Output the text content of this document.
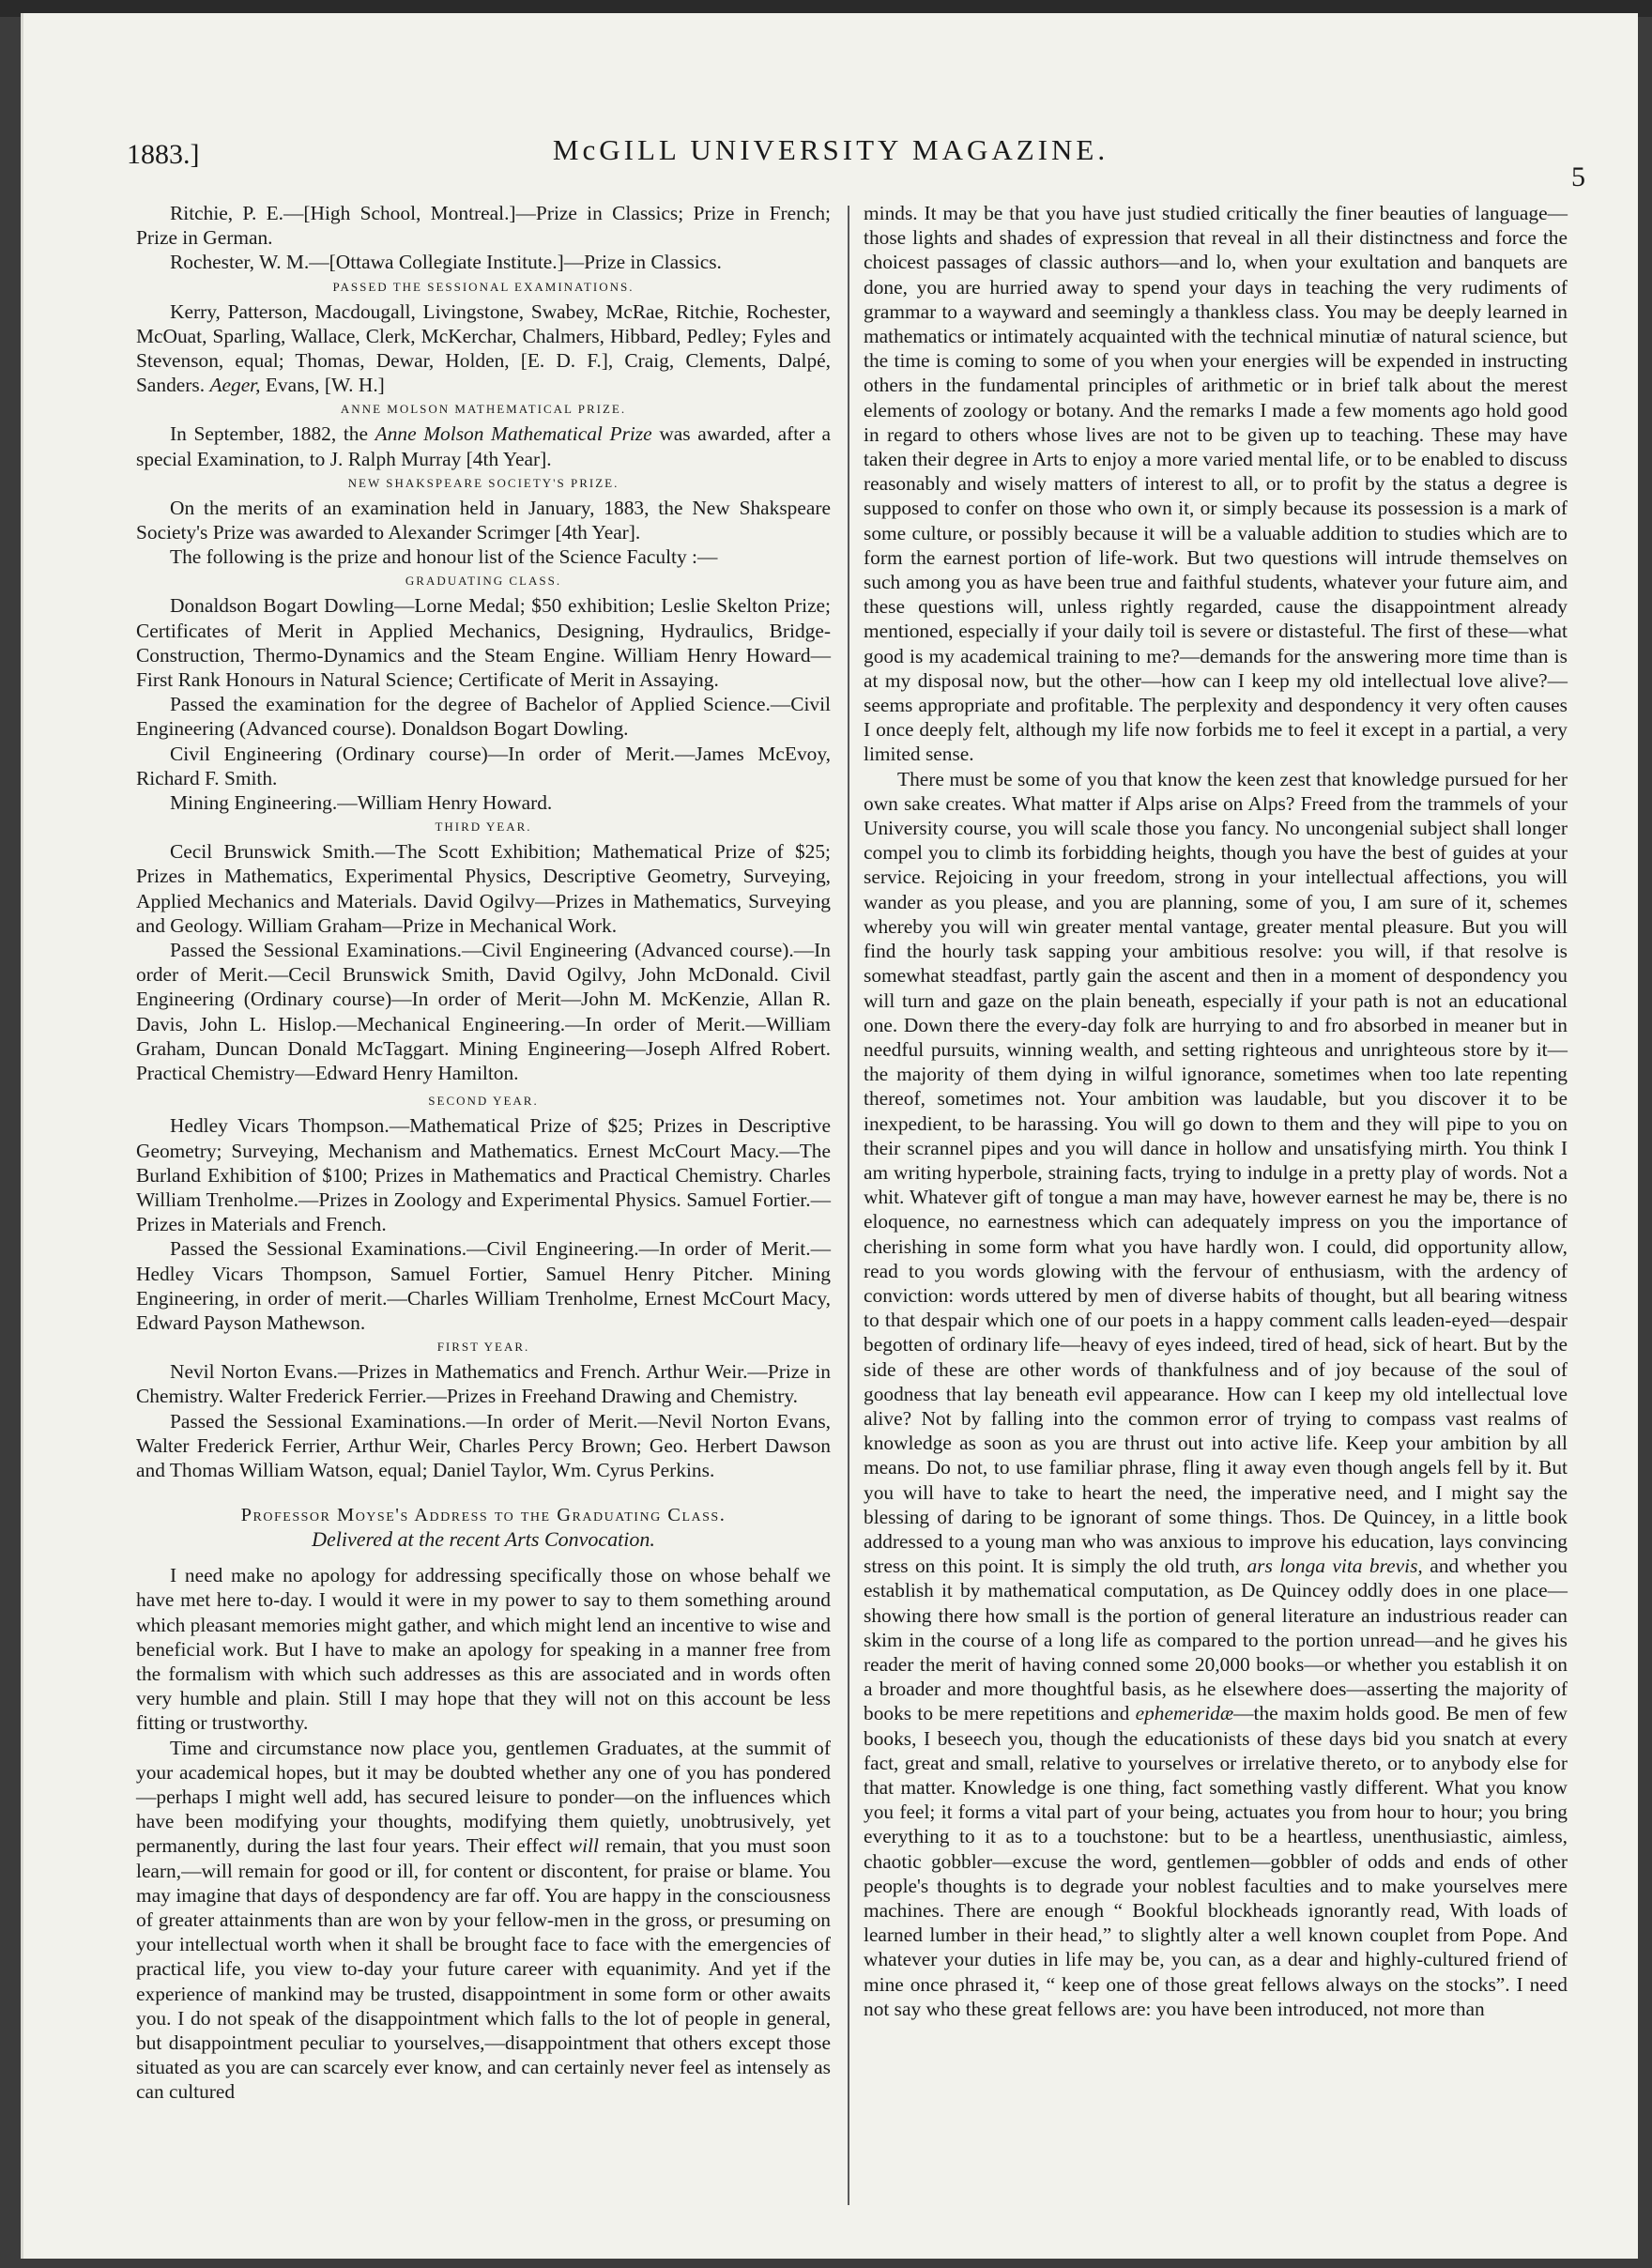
1883.]	McGILL UNIVERSITY MAGAZINE.
5

Ritchie, P. E.—[High School, Montreal.]—Prize in Classics; Prize in French; Prize in German.

Rochester, W. M.—[Ottawa Collegiate Institute.]—Prize in Classics.

PASSED THE SESSIONAL EXAMINATIONS.

Kerry, Patterson, Macdougall, Livingstone, Swabey, McRae, Ritchie, Rochester, McOuat, Sparling, Wallace, Clerk, McKerchar, Chalmers, Hibbard, Pedley; Fyles and Stevenson, equal; Thomas, Dewar, Holden, [E. D. F.], Craig, Clements, Dalpé, Sanders. Aeger, Evans, [W. H.]

ANNE MOLSON MATHEMATICAL PRIZE.

In September, 1882, the Anne Molson Mathematical Prize was awarded, after a special Examination, to J. Ralph Murray [4th Year].

NEW SHAKSPEARE SOCIETY'S PRIZE.

On the merits of an examination held in January, 1883, the New Shakspeare Society's Prize was awarded to Alexander Scrimger [4th Year].

The following is the prize and honour list of the Science Faculty :—

GRADUATING CLASS.

Donaldson Bogart Dowling—Lorne Medal; $50 exhibition; Leslie Skelton Prize; Certificates of Merit in Applied Mechanics, Designing, Hydraulics, Bridge-Construction, Thermo-Dynamics and the Steam Engine. William Henry Howard—First Rank Honours in Natural Science; Certificate of Merit in Assaying.

Passed the examination for the degree of Bachelor of Applied Science.—Civil Engineering (Advanced course). Donaldson Bogart Dowling.

Civil Engineering (Ordinary course)—In order of Merit.—James McEvoy, Richard F. Smith.

Mining Engineering.—William Henry Howard.

THIRD YEAR.

Cecil Brunswick Smith.—The Scott Exhibition; Mathematical Prize of $25; Prizes in Mathematics, Experimental Physics, Descriptive Geometry, Surveying, Applied Mechanics and Materials. David Ogilvy—Prizes in Mathematics, Surveying and Geology. William Graham—Prize in Mechanical Work.

Passed the Sessional Examinations.—Civil Engineering (Advanced course).—In order of Merit.—Cecil Brunswick Smith, David Ogilvy, John McDonald. Civil Engineering (Ordinary course)—In order of Merit—John M. McKenzie, Allan R. Davis, John L. Hislop.—Mechanical Engineering.—In order of Merit.—William Graham, Duncan Donald McTaggart. Mining Engineering—Joseph Alfred Robert. Practical Chemistry—Edward Henry Hamilton.

SECOND YEAR.

Hedley Vicars Thompson.—Mathematical Prize of $25; Prizes in Descriptive Geometry; Surveying, Mechanism and Mathematics. Ernest McCourt Macy.—The Burland Exhibition of $100; Prizes in Mathematics and Practical Chemistry. Charles William Trenholme.—Prizes in Zoology and Experimental Physics. Samuel Fortier.—Prizes in Materials and French.

Passed the Sessional Examinations.—Civil Engineering.—In order of Merit.—Hedley Vicars Thompson, Samuel Fortier, Samuel Henry Pitcher. Mining Engineering, in order of merit.—Charles William Trenholme, Ernest McCourt Macy, Edward Payson Mathewson.

FIRST YEAR.

Nevil Norton Evans.—Prizes in Mathematics and French. Arthur Weir.—Prize in Chemistry. Walter Frederick Ferrier.—Prizes in Freehand Drawing and Chemistry.

Passed the Sessional Examinations.—In order of Merit.—Nevil Norton Evans, Walter Frederick Ferrier, Arthur Weir, Charles Percy Brown; Geo. Herbert Dawson and Thomas William Watson, equal; Daniel Taylor, Wm. Cyrus Perkins.

Professor Moyse's Address to the Graduating Class.
Delivered at the recent Arts Convocation.

I need make no apology for addressing specifically those on whose behalf we have met here to-day. I would it were in my power to say to them something around which pleasant memories might gather, and which might lend an incentive to wise and beneficial work. But I have to make an apology for speaking in a manner free from the formalism with which such addresses as this are associated and in words often very humble and plain. Still I may hope that they will not on this account be less fitting or trustworthy.

Time and circumstance now place you, gentlemen Graduates, at the summit of your academical hopes, but it may be doubted whether any one of you has pondered—perhaps I might well add, has secured leisure to ponder—on the influences which have been modifying your thoughts, modifying them quietly, unobtrusively, yet permanently, during the last four years. Their effect will remain, that you must soon learn,—will remain for good or ill, for content or discontent, for praise or blame. You may imagine that days of despondency are far off. You are happy in the consciousness of greater attainments than are won by your fellow-men in the gross, or presuming on your intellectual worth when it shall be brought face to face with the emergencies of practical life, you view to-day your future career with equanimity. And yet if the experience of mankind may be trusted, disappointment in some form or other awaits you. I do not speak of the disappointment which falls to the lot of people in general, but disappointment peculiar to yourselves,—disappointment that others except those situated as you are can scarcely ever know, and can certainly never feel as intensely as can cultured

minds. It may be that you have just studied critically the finer beauties of language—those lights and shades of expression that reveal in all their distinctness and force the choicest passages of classic authors—and lo, when your exultation and banquets are done, you are hurried away to spend your days in teaching the very rudiments of grammar to a wayward and seemingly a thankless class. You may be deeply learned in mathematics or intimately acquainted with the technical minutiæ of natural science, but the time is coming to some of you when your energies will be expended in instructing others in the fundamental principles of arithmetic or in brief talk about the merest elements of zoology or botany. And the remarks I made a few moments ago hold good in regard to others whose lives are not to be given up to teaching. These may have taken their degree in Arts to enjoy a more varied mental life, or to be enabled to discuss reasonably and wisely matters of interest to all, or to profit by the status a degree is supposed to confer on those who own it, or simply because its possession is a mark of some culture, or possibly because it will be a valuable addition to studies which are to form the earnest portion of life-work. But two questions will intrude themselves on such among you as have been true and faithful students, whatever your future aim, and these questions will, unless rightly regarded, cause the disappointment already mentioned, especially if your daily toil is severe or distasteful. The first of these—what good is my academical training to me?—demands for the answering more time than is at my disposal now, but the other—how can I keep my old intellectual love alive?—seems appropriate and profitable. The perplexity and despondency it very often causes I once deeply felt, although my life now forbids me to feel it except in a partial, a very limited sense.

There must be some of you that know the keen zest that knowledge pursued for her own sake creates. What matter if Alps arise on Alps? Freed from the trammels of your University course, you will scale those you fancy. No uncongenial subject shall longer compel you to climb its forbidding heights, though you have the best of guides at your service. Rejoicing in your freedom, strong in your intellectual affections, you will wander as you please, and you are planning, some of you, I am sure of it, schemes whereby you will win greater mental vantage, greater mental pleasure. But you will find the hourly task sapping your ambitious resolve: you will, if that resolve is somewhat steadfast, partly gain the ascent and then in a moment of despondency you will turn and gaze on the plain beneath, especially if your path is not an educational one. Down there the every-day folk are hurrying to and fro absorbed in meaner but in needful pursuits, winning wealth, and setting righteous and unrighteous store by it—the majority of them dying in wilful ignorance, sometimes when too late repenting thereof, sometimes not. Your ambition was laudable, but you discover it to be inexpedient, to be harassing. You will go down to them and they will pipe to you on their scrannel pipes and you will dance in hollow and unsatisfying mirth. You think I am writing hyperbole, straining facts, trying to indulge in a pretty play of words. Not a whit. Whatever gift of tongue a man may have, however earnest he may be, there is no eloquence, no earnestness which can adequately impress on you the importance of cherishing in some form what you have hardly won. I could, did opportunity allow, read to you words glowing with the fervour of enthusiasm, with the ardency of conviction: words uttered by men of diverse habits of thought, but all bearing witness to that despair which one of our poets in a happy comment calls leaden-eyed—despair begotten of ordinary life—heavy of eyes indeed, tired of head, sick of heart. But by the side of these are other words of thankfulness and of joy because of the soul of goodness that lay beneath evil appearance. How can I keep my old intellectual love alive? Not by falling into the common error of trying to compass vast realms of knowledge as soon as you are thrust out into active life. Keep your ambition by all means. Do not, to use familiar phrase, fling it away even though angels fell by it. But you will have to take to heart the need, the imperative need, and I might say the blessing of daring to be ignorant of some things. Thos. De Quincey, in a little book addressed to a young man who was anxious to improve his education, lays convincing stress on this point. It is simply the old truth, ars longa vita brevis, and whether you establish it by mathematical computation, as De Quincey oddly does in one place—showing there how small is the portion of general literature an industrious reader can skim in the course of a long life as compared to the portion unread—and he gives his reader the merit of having conned some 20,000 books—or whether you establish it on a broader and more thoughtful basis, as he elsewhere does—asserting the majority of books to be mere repetitions and ephemeridæ—the maxim holds good. Be men of few books, I beseech you, though the educationists of these days bid you snatch at every fact, great and small, relative to yourselves or irrelative thereto, or to anybody else for that matter. Knowledge is one thing, fact something vastly different. What you know you feel; it forms a vital part of your being, actuates you from hour to hour; you bring everything to it as to a touchstone: but to be a heartless, unenthusiastic, aimless, chaotic gobbler—excuse the word, gentlemen—gobbler of odds and ends of other people's thoughts is to degrade your noblest faculties and to make yourselves mere machines. There are enough “ Bookful blockheads ignorantly read, With loads of learned lumber in their head,” to slightly alter a well known couplet from Pope. And whatever your duties in life may be, you can, as a dear and highly-cultured friend of mine once phrased it, “ keep one of those great fellows always on the stocks”. I need not say who these great fellows are: you have been introduced, not more than
